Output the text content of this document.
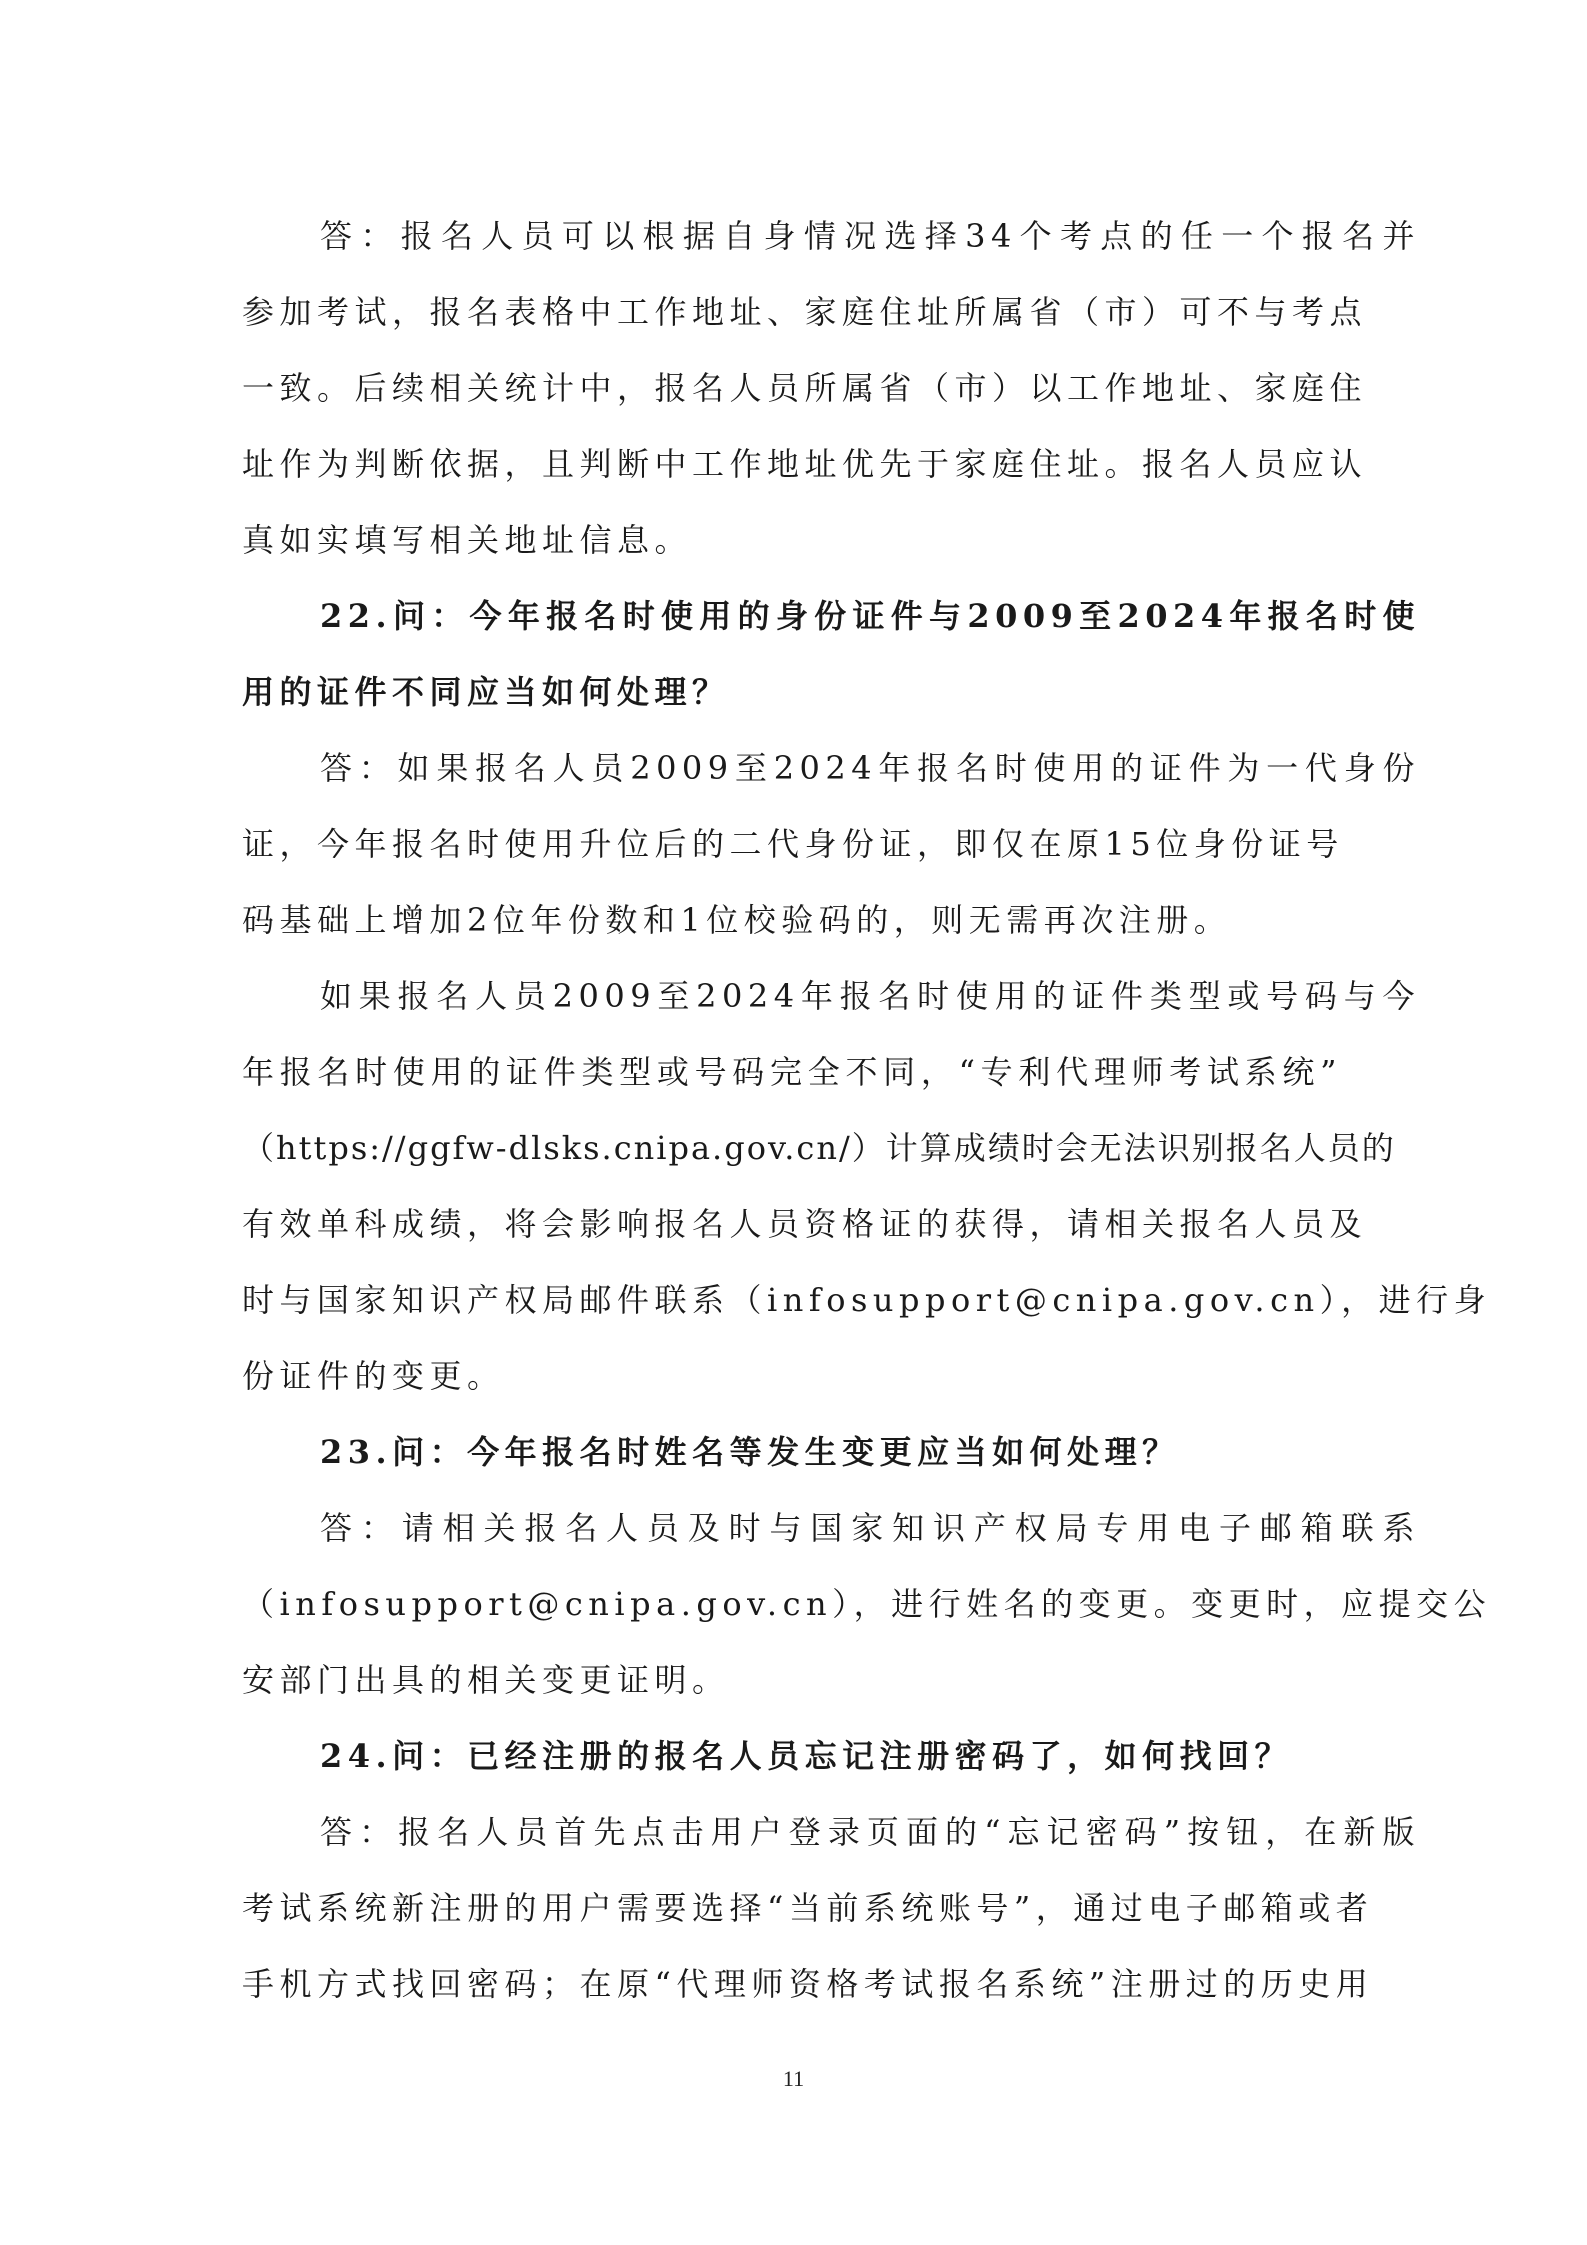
答：报名人员可以根据自身情况选择34个考点的任一个报名并
参加考试，报名表格中工作地址、家庭住址所属省（市）可不与考点
一致。后续相关统计中，报名人员所属省（市）以工作地址、家庭住
址作为判断依据，且判断中工作地址优先于家庭住址。报名人员应认
真如实填写相关地址信息。
22.问：今年报名时使用的身份证件与2009至2024年报名时使
用的证件不同应当如何处理？
答：如果报名人员2009至2024年报名时使用的证件为一代身份
证，今年报名时使用升位后的二代身份证，即仅在原15位身份证号
码基础上增加2位年份数和1位校验码的，则无需再次注册。
如果报名人员2009至2024年报名时使用的证件类型或号码与今
年报名时使用的证件类型或号码完全不同，“专利代理师考试系统”
（https://ggfw-dlsks.cnipa.gov.cn/）计算成绩时会无法识别报名人员的
有效单科成绩，将会影响报名人员资格证的获得，请相关报名人员及
时与国家知识产权局邮件联系（infosupport@cnipa.gov.cn），进行身
份证件的变更。
23.问：今年报名时姓名等发生变更应当如何处理？
答：请相关报名人员及时与国家知识产权局专用电子邮箱联系
（infosupport@cnipa.gov.cn），进行姓名的变更。变更时，应提交公
安部门出具的相关变更证明。
24.问：已经注册的报名人员忘记注册密码了，如何找回？
答：报名人员首先点击用户登录页面的“忘记密码”按钮，在新版
考试系统新注册的用户需要选择“当前系统账号”，通过电子邮箱或者
手机方式找回密码；在原“代理师资格考试报名系统”注册过的历史用
11
